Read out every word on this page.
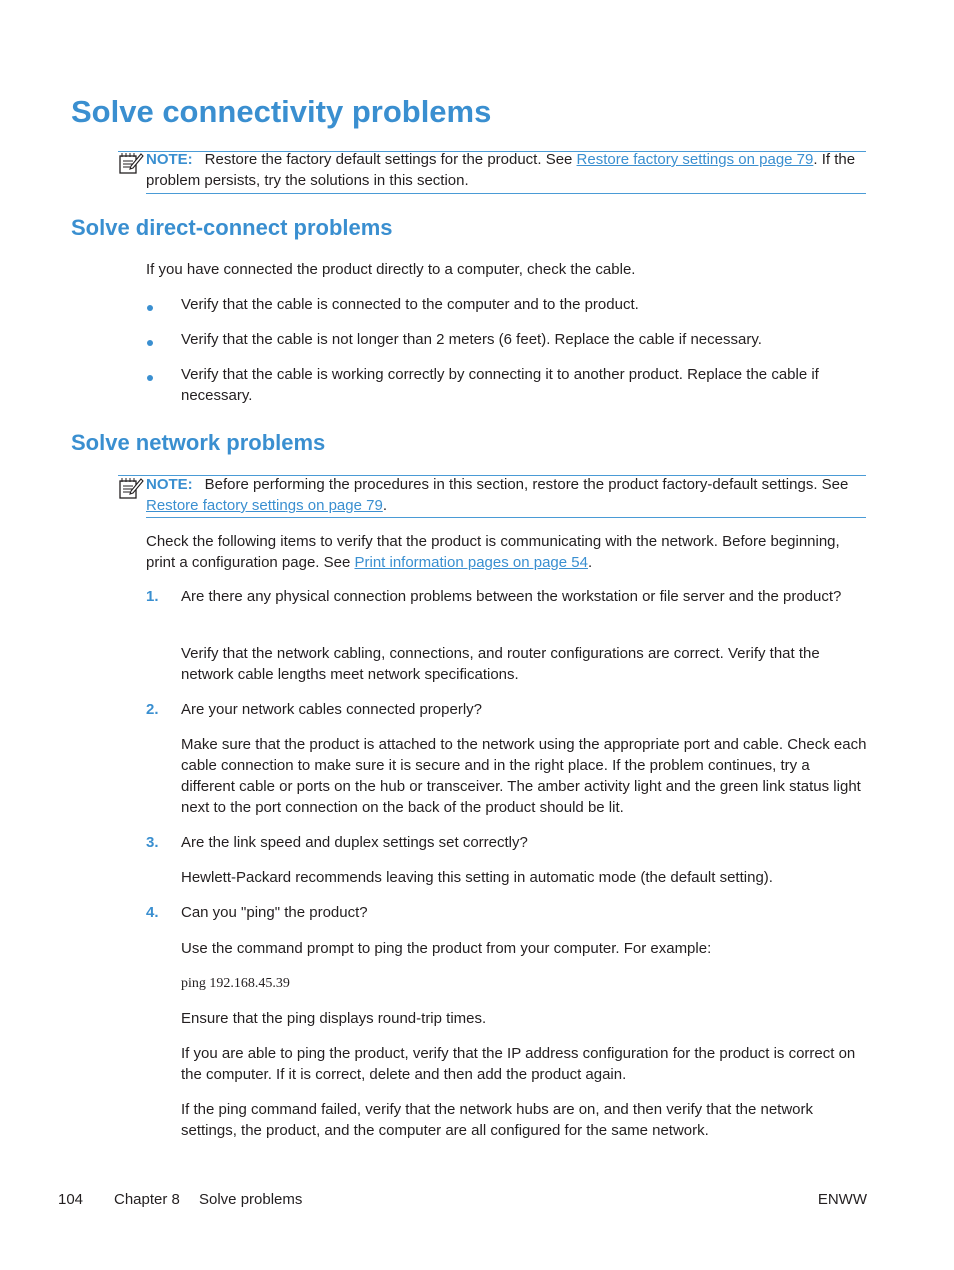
Solve connectivity problems
NOTE: Restore the factory default settings for the product. See Restore factory settings on page 79. If the problem persists, try the solutions in this section.
Solve direct-connect problems
If you have connected the product directly to a computer, check the cable.
Verify that the cable is connected to the computer and to the product.
Verify that the cable is not longer than 2 meters (6 feet). Replace the cable if necessary.
Verify that the cable is working correctly by connecting it to another product. Replace the cable if necessary.
Solve network problems
NOTE: Before performing the procedures in this section, restore the product factory-default settings. See Restore factory settings on page 79.
Check the following items to verify that the product is communicating with the network. Before beginning, print a configuration page. See Print information pages on page 54.
1.	Are there any physical connection problems between the workstation or file server and the product?
Verify that the network cabling, connections, and router configurations are correct. Verify that the network cable lengths meet network specifications.
2.	Are your network cables connected properly?
Make sure that the product is attached to the network using the appropriate port and cable. Check each cable connection to make sure it is secure and in the right place. If the problem continues, try a different cable or ports on the hub or transceiver. The amber activity light and the green link status light next to the port connection on the back of the product should be lit.
3.	Are the link speed and duplex settings set correctly?
Hewlett-Packard recommends leaving this setting in automatic mode (the default setting).
4.	Can you "ping" the product?
Use the command prompt to ping the product from your computer. For example:
ping 192.168.45.39
Ensure that the ping displays round-trip times.
If you are able to ping the product, verify that the IP address configuration for the product is correct on the computer. If it is correct, delete and then add the product again.
If the ping command failed, verify that the network hubs are on, and then verify that the network settings, the product, and the computer are all configured for the same network.
104 Chapter 8 Solve problems	ENWW
